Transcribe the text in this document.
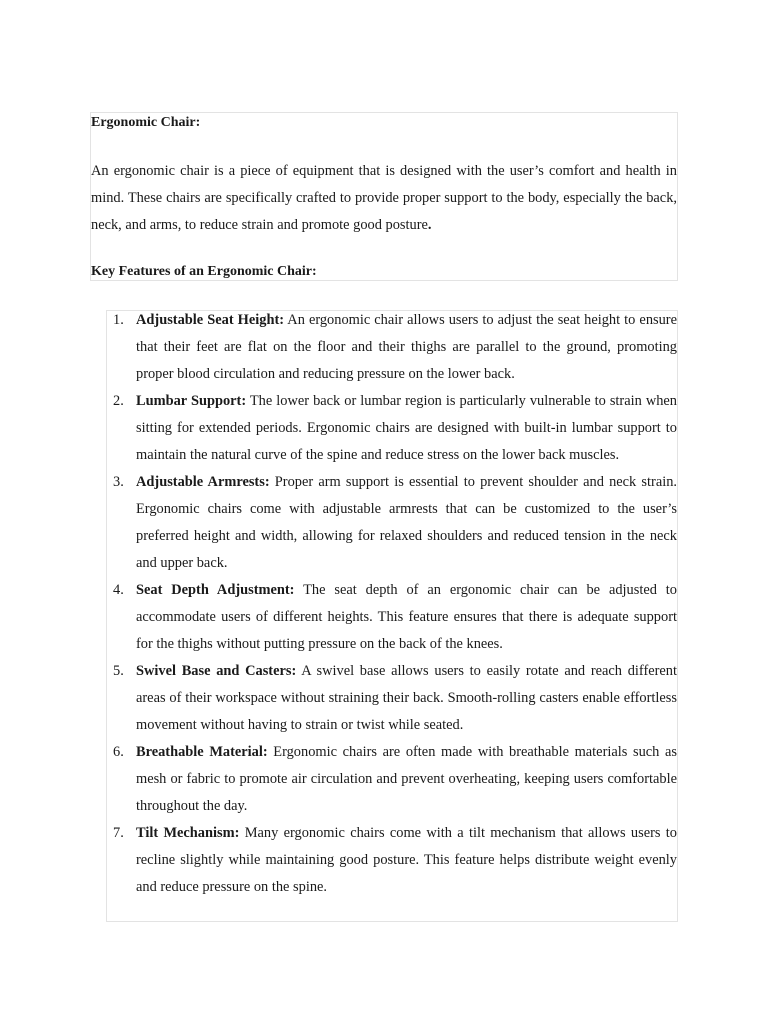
Ergonomic Chair:

An ergonomic chair is a piece of equipment that is designed with the user’s comfort and health in mind. These chairs are specifically crafted to provide proper support to the body, especially the back, neck, and arms, to reduce strain and promote good posture.

Key Features of an Ergonomic Chair:
1. Adjustable Seat Height: An ergonomic chair allows users to adjust the seat height to ensure that their feet are flat on the floor and their thighs are parallel to the ground, promoting proper blood circulation and reducing pressure on the lower back.
2. Lumbar Support: The lower back or lumbar region is particularly vulnerable to strain when sitting for extended periods. Ergonomic chairs are designed with built-in lumbar support to maintain the natural curve of the spine and reduce stress on the lower back muscles.
3. Adjustable Armrests: Proper arm support is essential to prevent shoulder and neck strain. Ergonomic chairs come with adjustable armrests that can be customized to the user’s preferred height and width, allowing for relaxed shoulders and reduced tension in the neck and upper back.
4. Seat Depth Adjustment: The seat depth of an ergonomic chair can be adjusted to accommodate users of different heights. This feature ensures that there is adequate support for the thighs without putting pressure on the back of the knees.
5. Swivel Base and Casters: A swivel base allows users to easily rotate and reach different areas of their workspace without straining their back. Smooth-rolling casters enable effortless movement without having to strain or twist while seated.
6. Breathable Material: Ergonomic chairs are often made with breathable materials such as mesh or fabric to promote air circulation and prevent overheating, keeping users comfortable throughout the day.
7. Tilt Mechanism: Many ergonomic chairs come with a tilt mechanism that allows users to recline slightly while maintaining good posture. This feature helps distribute weight evenly and reduce pressure on the spine.
